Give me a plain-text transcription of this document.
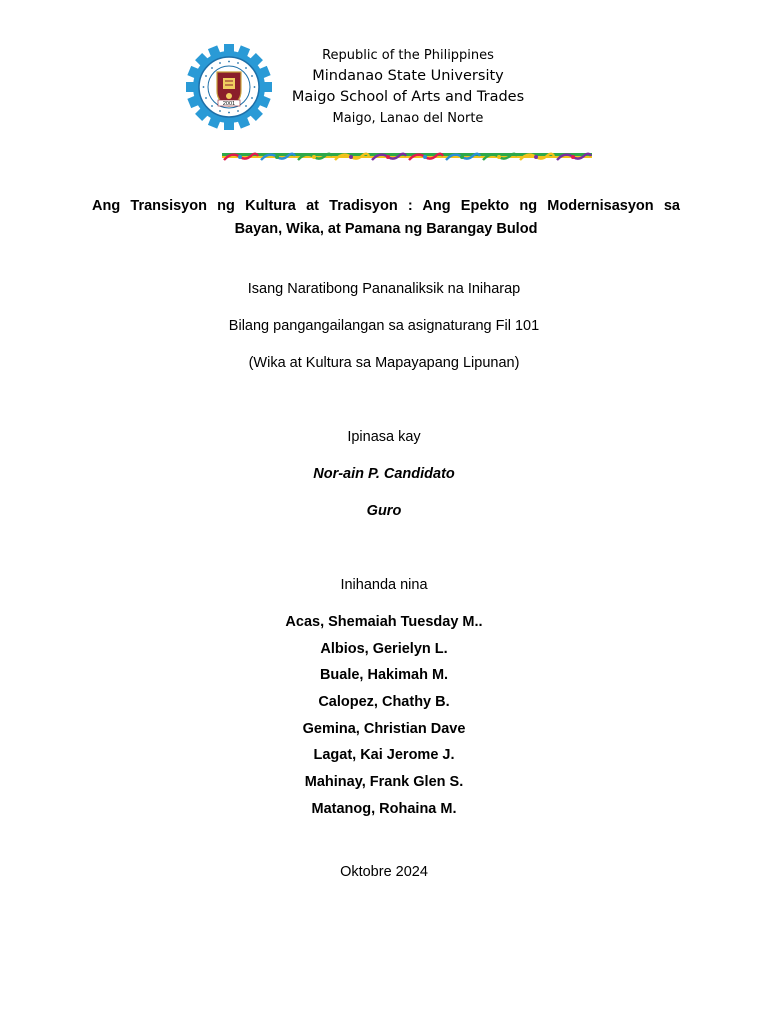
2001
Republic of the Philippines
Mindanao State University
Maigo School of Arts and Trades
Maigo, Lanao del Norte
Ang Transisyon ng Kultura at Tradisyon : Ang Epekto ng Modernisasyon sa
Bayan, Wika, at Pamana ng Barangay Bulod
Isang Naratibong Pananaliksik na Iniharap
Bilang pangangailangan sa asignaturang Fil 101
(Wika at Kultura sa Mapayapang Lipunan)
Ipinasa kay
Nor-ain P. Candidato
Guro
Inihanda nina
Acas, Shemaiah Tuesday M..
Albios, Gerielyn L.
Buale, Hakimah M.
Calopez, Chathy B.
Gemina, Christian Dave
Lagat, Kai Jerome J.
Mahinay, Frank Glen S.
Matanog, Rohaina M.
Oktobre 2024
